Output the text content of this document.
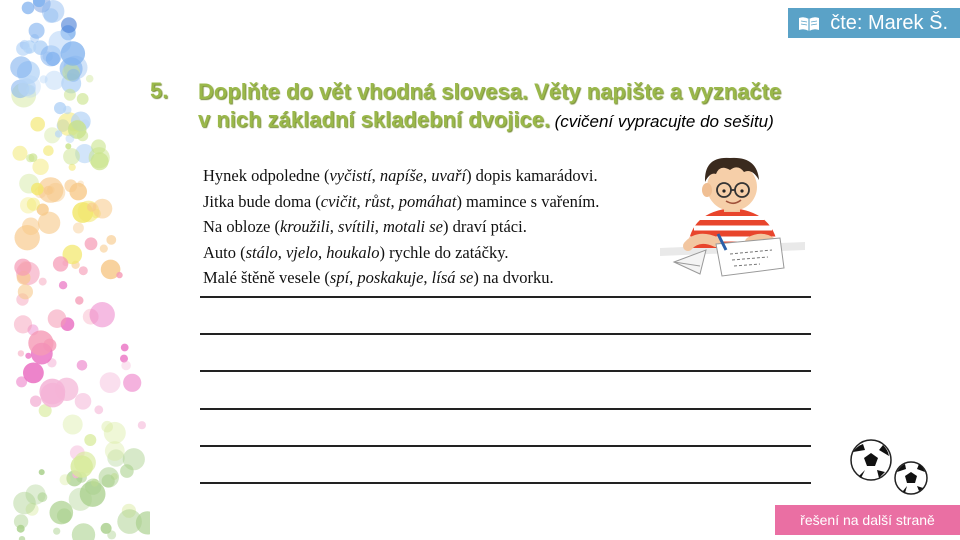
čte: Marek Š.
5. Doplňte do vět vhodná slovesa. Věty napište a vyznačte
v nich základní skladební dvojice. (cvičení vypracujte do sešitu)
Hynek odpoledne (vyčistí, napíše, uvaří) dopis kamarádovi.
Jitka bude doma (cvičit, růst, pomáhat) mamince s vařením.
Na obloze (kroužili, svítili, motali se) draví ptáci.
Auto (stálo, vjelo, houkalo) rychle do zatáčky.
Malé štěně vesele (spí, poskakuje, lísá se) na dvorku.
řešení na další straně
